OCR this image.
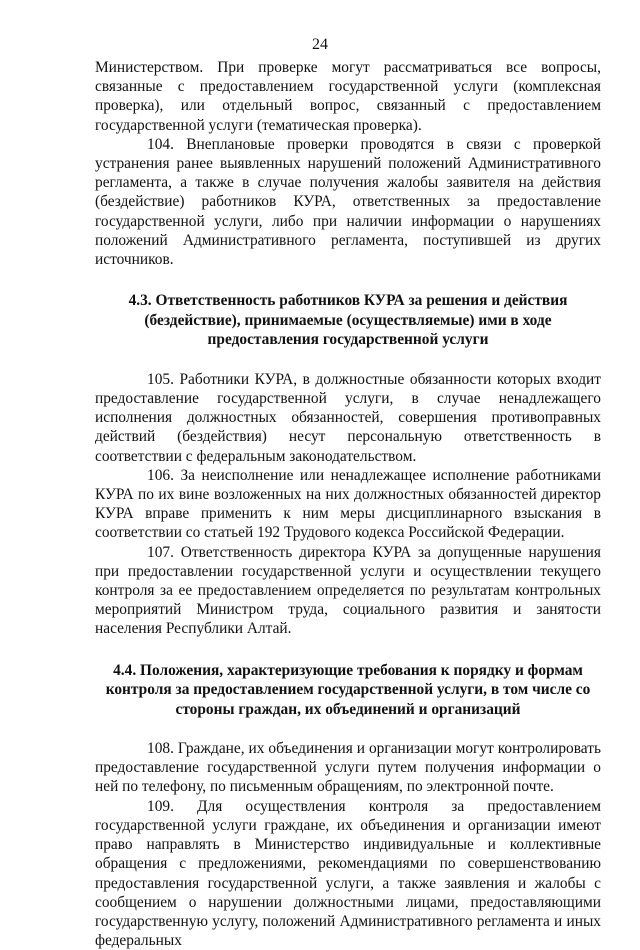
24

Министерством. При проверке могут рассматриваться все вопросы, связанные с предоставлением государственной услуги (комплексная проверка), или отдельный вопрос, связанный с предоставлением государственной услуги (тематическая проверка).

104. Внеплановые проверки проводятся в связи с проверкой устранения ранее выявленных нарушений положений Административного регламента, а также в случае получения жалобы заявителя на действия (бездействие) работников КУРА, ответственных за предоставление государственной услуги, либо при наличии информации о нарушениях положений Административного регламента, поступившей из других источников.

4.3. Ответственность работников КУРА за решения и действия (бездействие), принимаемые (осуществляемые) ими в ходе предоставления государственной услуги

105. Работники КУРА, в должностные обязанности которых входит предоставление государственной услуги, в случае ненадлежащего исполнения должностных обязанностей, совершения противоправных действий (бездействия) несут персональную ответственность в соответствии с федеральным законодательством.

106. За неисполнение или ненадлежащее исполнение работниками КУРА по их вине возложенных на них должностных обязанностей директор КУРА вправе применить к ним меры дисциплинарного взыскания в соответствии со статьей 192 Трудового кодекса Российской Федерации.

107. Ответственность директора КУРА за допущенные нарушения при предоставлении государственной услуги и осуществлении текущего контроля за ее предоставлением определяется по результатам контрольных мероприятий Министром труда, социального развития и занятости населения Республики Алтай.

4.4. Положения, характеризующие требования к порядку и формам контроля за предоставлением государственной услуги, в том числе со стороны граждан, их объединений и организаций

108. Граждане, их объединения и организации могут контролировать предоставление государственной услуги путем получения информации о ней по телефону, по письменным обращениям, по электронной почте.

109. Для осуществления контроля за предоставлением государственной услуги граждане, их объединения и организации имеют право направлять в Министерство индивидуальные и коллективные обращения с предложениями, рекомендациями по совершенствованию предоставления государственной услуги, а также заявления и жалобы с сообщением о нарушении должностными лицами, предоставляющими государственную услугу, положений Административного регламента и иных федеральных
